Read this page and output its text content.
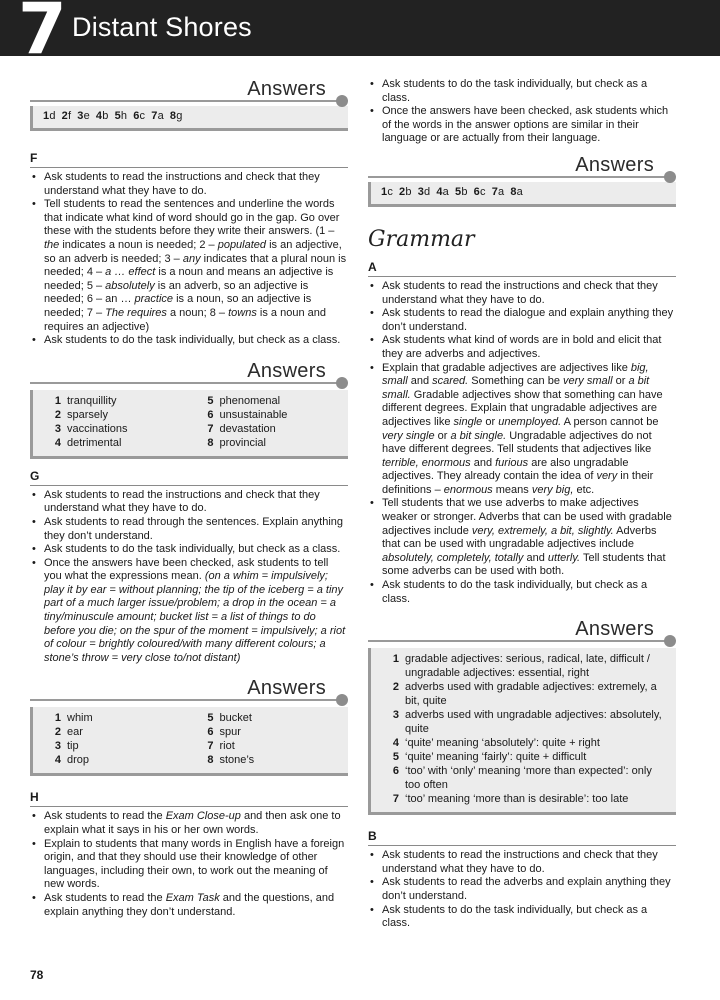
7 Distant Shores
Answers
1d 2f 3e 4b 5h 6c 7a 8g
F
• Ask students to read the instructions and check that they understand what they have to do.
• Tell students to read the sentences and underline the words that indicate what kind of word should go in the gap. Go over these with the students before they write their answers. (1 – the indicates a noun is needed; 2 – populated is an adjective, so an adverb is needed; 3 – any indicates that a plural noun is needed; 4 – a … effect is a noun and means an adjective is needed; 5 – absolutely is an adverb, so an adjective is needed; 6 – an … practice is a noun, so an adjective is needed; 7 – The requires a noun; 8 – towns is a noun and requires an adjective)
• Ask students to do the task individually, but check as a class.
Answers
1 tranquillity	5 phenomenal
2 sparsely	6 unsustainable
3 vaccinations	7 devastation
4 detrimental	8 provincial
G
• Ask students to read the instructions and check that they understand what they have to do.
• Ask students to read through the sentences. Explain anything they don’t understand.
• Ask students to do the task individually, but check as a class.
• Once the answers have been checked, ask students to tell you what the expressions mean. (on a whim = impulsively; play it by ear = without planning; the tip of the iceberg = a tiny part of a much larger issue/problem; a drop in the ocean = a tiny/minuscule amount; bucket list = a list of things to do before you die; on the spur of the moment = impulsively; a riot of colour = brightly coloured/with many different colours; a stone’s throw = very close to/not distant)
Answers
1 whim	5 bucket
2 ear	6 spur
3 tip	7 riot
4 drop	8 stone’s
H
• Ask students to read the Exam Close-up and then ask one to explain what it says in his or her own words.
• Explain to students that many words in English have a foreign origin, and that they should use their knowledge of other languages, including their own, to work out the meaning of new words.
• Ask students to read the Exam Task and the questions, and explain anything they don’t understand.
• Ask students to do the task individually, but check as a class.
• Once the answers have been checked, ask students which of the words in the answer options are similar in their language or are actually from their language.
Answers
1c 2b 3d 4a 5b 6c 7a 8a
Grammar
A
• Ask students to read the instructions and check that they understand what they have to do.
• Ask students to read the dialogue and explain anything they don’t understand.
• Ask students what kind of words are in bold and elicit that they are adverbs and adjectives.
• Explain that gradable adjectives are adjectives like big, small and scared. Something can be very small or a bit small. Gradable adjectives show that something can have different degrees. Explain that ungradable adjectives are adjectives like single or unemployed. A person cannot be very single or a bit single. Ungradable adjectives do not have different degrees. Tell students that adjectives like terrible, enormous and furious are also ungradable adjectives. They already contain the idea of very in their definitions – enormous means very big, etc.
• Tell students that we use adverbs to make adjectives weaker or stronger. Adverbs that can be used with gradable adjectives include very, extremely, a bit, slightly. Adverbs that can be used with ungradable adjectives include absolutely, completely, totally and utterly. Tell students that some adverbs can be used with both.
• Ask students to do the task individually, but check as a class.
Answers
1 gradable adjectives: serious, radical, late, difficult / ungradable adjectives: essential, right
2 adverbs used with gradable adjectives: extremely, a bit, quite
3 adverbs used with ungradable adjectives: absolutely, quite
4 ‘quite’ meaning ‘absolutely’: quite + right
5 ‘quite’ meaning ‘fairly’: quite + difficult
6 ‘too’ with ‘only’ meaning ‘more than expected’: only too often
7 ‘too’ meaning ‘more than is desirable’: too late
B
• Ask students to read the instructions and check that they understand what they have to do.
• Ask students to read the adverbs and explain anything they don’t understand.
• Ask students to do the task individually, but check as a class.
78
